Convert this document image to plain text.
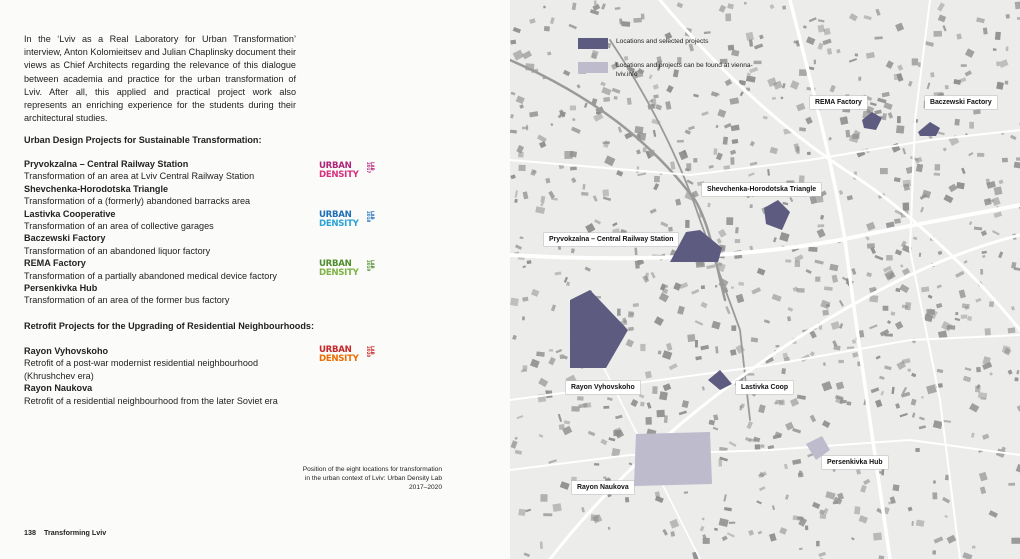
In the ‘Lviv as a Real Laboratory for Urban Transformation’ interview, Anton Kolomieitsev and Julian Chaplinsky document their views as Chief Architects regarding the relevance of this dialogue between academia and practice for the urban transformation of Lviv. After all, this applied and practical project work also represents an enriching experience for the students during their architectural studies.

Urban Design Projects for Sustainable Transformation:

Pryvokzalna – Central Railway Station
Transformation of an area at Lviv Central Railway Station
Shevchenka-Horodotska Triangle
Transformation of a (formerly) abandoned barracks area
Lastivka Cooperative
Transformation of an area of collective garages
Baczewski Factory
Transformation of an abandoned liquor factory
REMA Factory
Transformation of a partially abandoned medical device factory
Persenkivka Hub
Transformation of an area of the former bus factory

Retrofit Projects for the Upgrading of Residential Neighbourhoods:

Rayon Vyhovskoho
Retrofit of a post-war modernist residential neighbourhood
(Khrushchev era)
Rayon Naukova
Retrofit of a residential neighbourhood from the later Soviet era
URBAN
DENSITY
LAB 2017
URBAN
DENSITY
LAB 2018
URBAN
DENSITY
LAB 2019
URBAN
DENSITY
LAB 2020

Position of the eight locations for transformation in the urban context of Lviv: Urban Density Lab 2017–2020

138 Transforming Lviv
Locations and selected projects
Locations and projects can be found at vienna-lviv.info
REMA Factory	Baczewski Factory
Shevchenka-Horodotska Triangle
Pryvokzalna – Central Railway Station
Rayon Vyhovskoho	Lastivka Coop
Persenkivka Hub
Rayon Naukova
